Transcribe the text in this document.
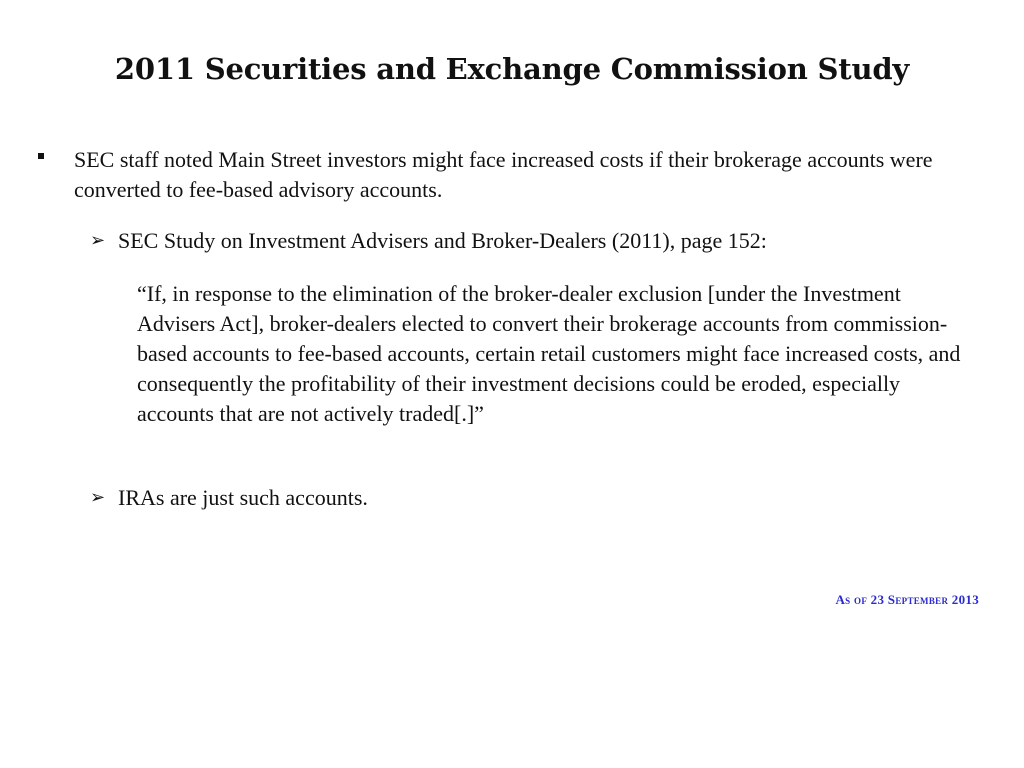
2011 Securities and Exchange Commission Study
SEC staff noted Main Street investors might face increased costs if their brokerage accounts were converted to fee-based advisory accounts.
➢ SEC Study on Investment Advisers and Broker-Dealers (2011), page 152:
“If, in response to the elimination of the broker-dealer exclusion [under the Investment Advisers Act], broker-dealers elected to convert their brokerage accounts from commission-based accounts to fee-based accounts, certain retail customers might face increased costs, and consequently the profitability of their investment decisions could be eroded, especially accounts that are not actively traded[.]”
➢ IRAs are just such accounts.
As of 23 September 2013
